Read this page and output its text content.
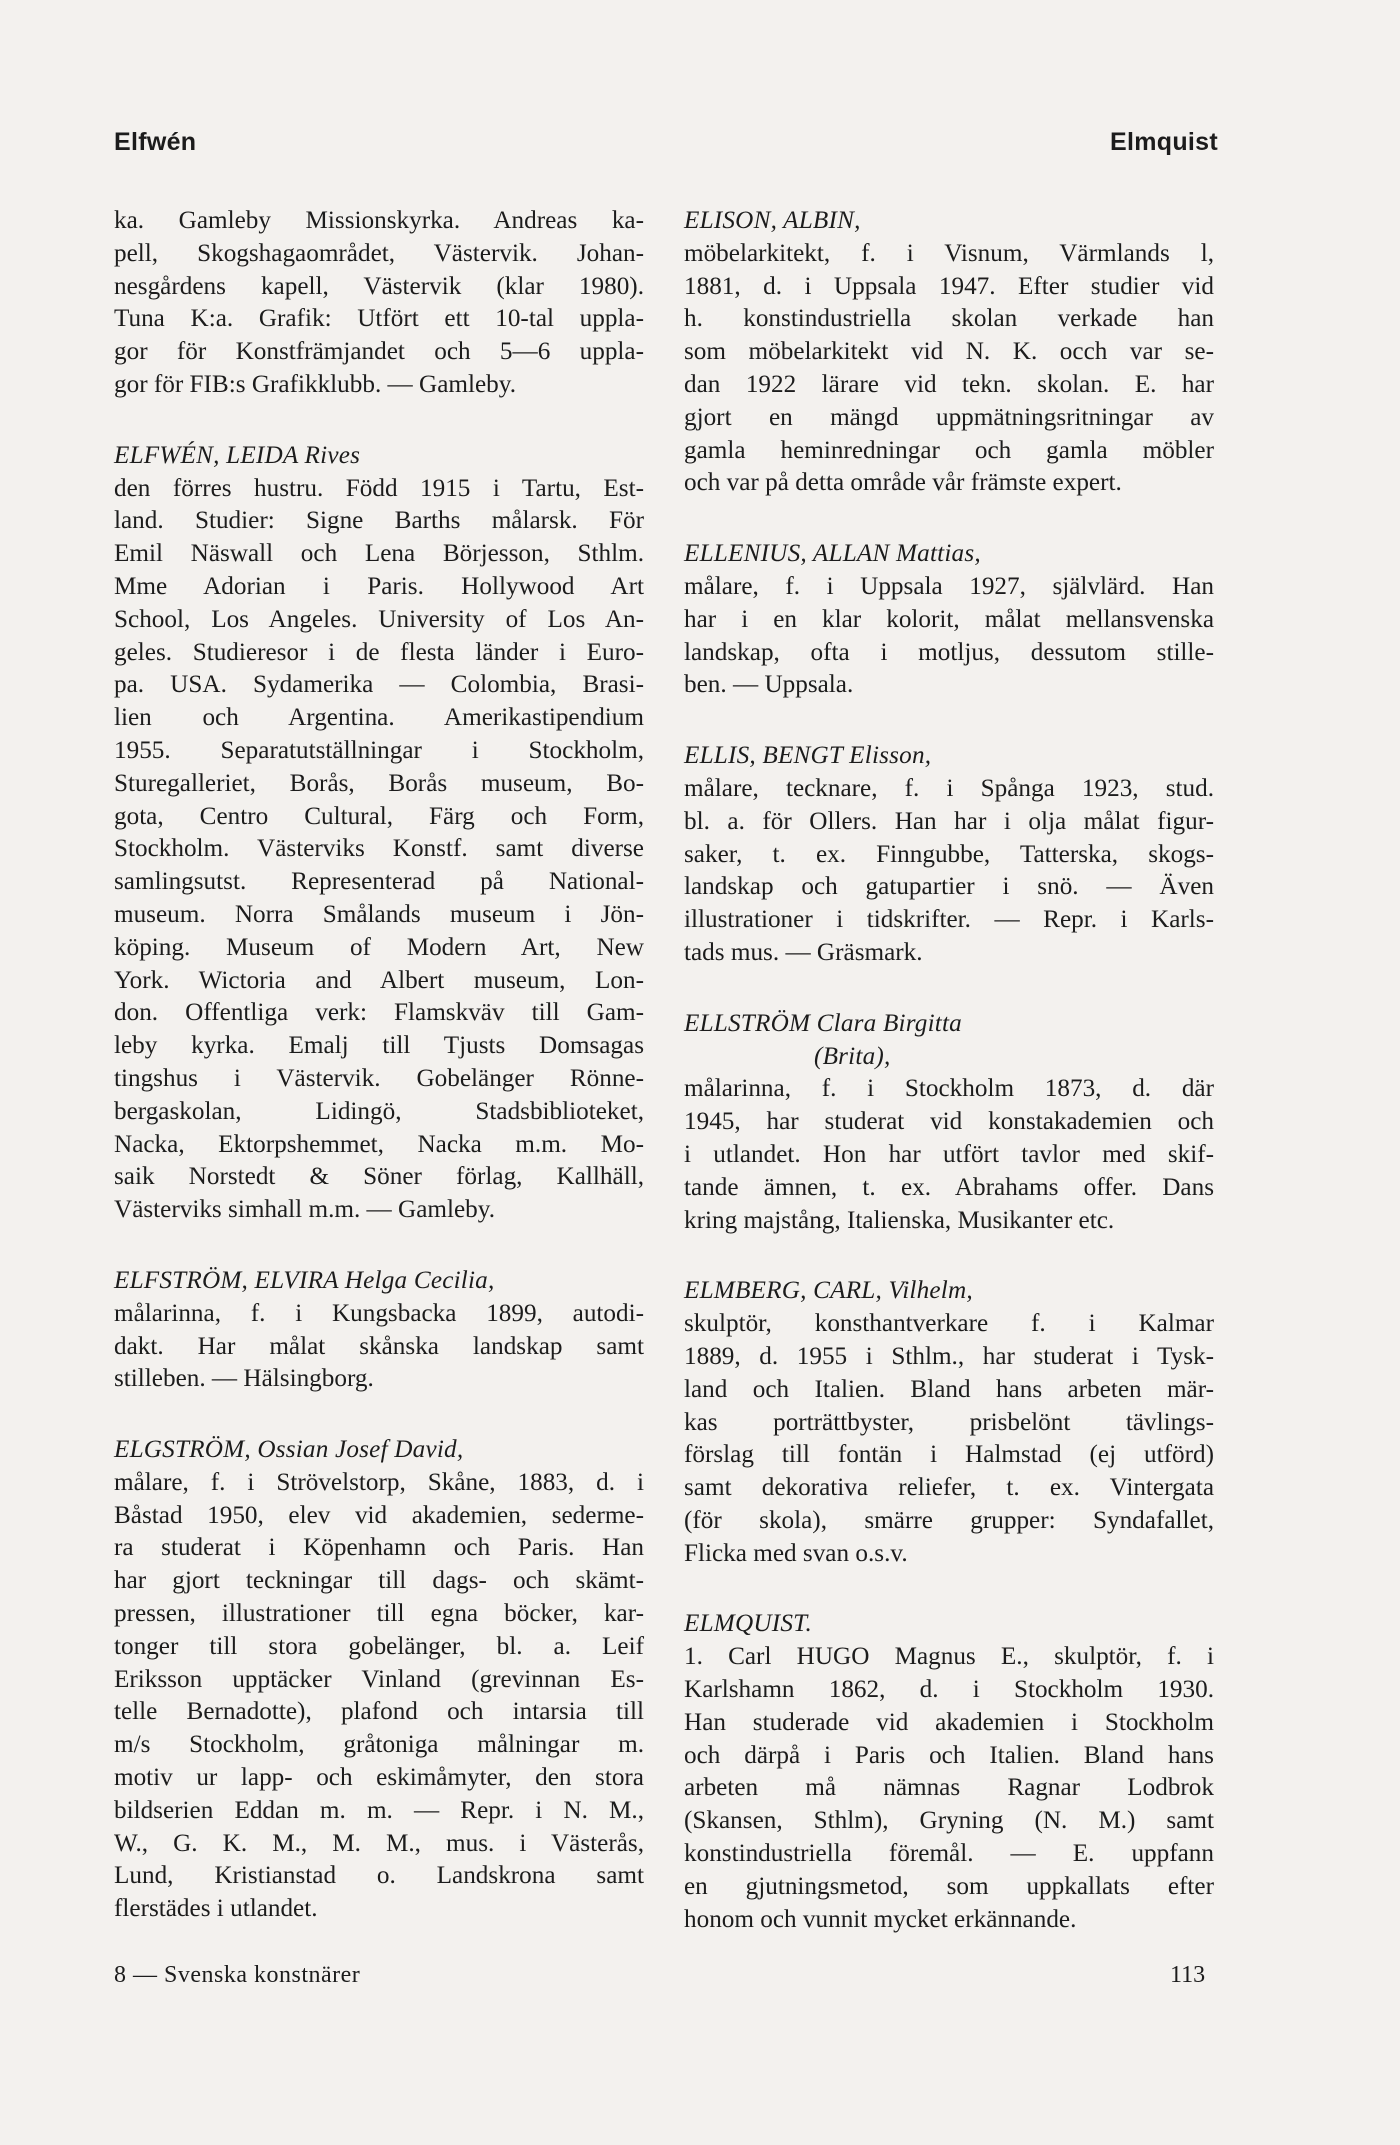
Elfwén	Elmquist
ka. Gamleby Missionskyrka. Andreas ka-
pell, Skogshagaområdet, Västervik. Johan-
nesgårdens kapell, Västervik (klar 1980).
Tuna K:a. Grafik: Utfört ett 10-tal uppla-
gor för Konstfrämjandet och 5—6 uppla-
gor för FIB:s Grafikklubb. — Gamleby.
ELFWÉN, LEIDA Rives
den förres hustru. Född 1915 i Tartu, Est-
land. Studier: Signe Barths målarsk. För
Emil Näswall och Lena Börjesson, Sthlm.
Mme Adorian i Paris. Hollywood Art
School, Los Angeles. University of Los An-
geles. Studieresor i de flesta länder i Euro-
pa. USA. Sydamerika — Colombia, Brasi-
lien och Argentina. Amerikastipendium
1955. Separatutställningar i Stockholm,
Sturegalleriet, Borås, Borås museum, Bo-
gota, Centro Cultural, Färg och Form,
Stockholm. Västerviks Konstf. samt diverse
samlingsutst. Representerad på National-
museum. Norra Smålands museum i Jön-
köping. Museum of Modern Art, New
York. Wictoria and Albert museum, Lon-
don. Offentliga verk: Flamskväv till Gam-
leby kyrka. Emalj till Tjusts Domsagas
tingshus i Västervik. Gobelänger Rönne-
bergaskolan, Lidingö, Stadsbiblioteket,
Nacka, Ektorpshemmet, Nacka m.m. Mo-
saik Norstedt & Söner förlag, Kallhäll,
Västerviks simhall m.m. — Gamleby.
ELFSTRÖM, ELVIRA Helga Cecilia,
målarinna, f. i Kungsbacka 1899, autodi-
dakt. Har målat skånska landskap samt
stilleben. — Hälsingborg.
ELGSTRÖM, Ossian Josef David,
målare, f. i Strövelstorp, Skåne, 1883, d. i
Båstad 1950, elev vid akademien, sederme-
ra studerat i Köpenhamn och Paris. Han
har gjort teckningar till dags- och skämt-
pressen, illustrationer till egna böcker, kar-
tonger till stora gobelänger, bl. a. Leif
Eriksson upptäcker Vinland (grevinnan Es-
telle Bernadotte), plafond och intarsia till
m/s Stockholm, gråtoniga målningar m.
motiv ur lapp- och eskimåmyter, den stora
bildserien Eddan m. m. — Repr. i N. M.,
W., G. K. M., M. M., mus. i Västerås,
Lund, Kristianstad o. Landskrona samt
flerstädes i utlandet.
ELISON, ALBIN,
möbelarkitekt, f. i Visnum, Värmlands l,
1881, d. i Uppsala 1947. Efter studier vid
h. konstindustriella skolan verkade han
som möbelarkitekt vid N. K. occh var se-
dan 1922 lärare vid tekn. skolan. E. har
gjort en mängd uppmätningsritningar av
gamla heminredningar och gamla möbler
och var på detta område vår främste expert.
ELLENIUS, ALLAN Mattias,
målare, f. i Uppsala 1927, självlärd. Han
har i en klar kolorit, målat mellansvenska
landskap, ofta i motljus, dessutom stille-
ben. — Uppsala.
ELLIS, BENGT Elisson,
målare, tecknare, f. i Spånga 1923, stud.
bl. a. för Ollers. Han har i olja målat figur-
saker, t. ex. Finngubbe, Tatterska, skogs-
landskap och gatupartier i snö. — Även
illustrationer i tidskrifter. — Repr. i Karls-
tads mus. — Gräsmark.
ELLSTRÖM Clara Birgitta
(Brita),
målarinna, f. i Stockholm 1873, d. där
1945, har studerat vid konstakademien och
i utlandet. Hon har utfört tavlor med skif-
tande ämnen, t. ex. Abrahams offer. Dans
kring majstång, Italienska, Musikanter etc.
ELMBERG, CARL, Vilhelm,
skulptör, konsthantverkare f. i Kalmar
1889, d. 1955 i Sthlm., har studerat i Tysk-
land och Italien. Bland hans arbeten mär-
kas porträttbyster, prisbelönt tävlings-
förslag till fontän i Halmstad (ej utförd)
samt dekorativa reliefer, t. ex. Vintergata
(för skola), smärre grupper: Syndafallet,
Flicka med svan o.s.v.
ELMQUIST.
1. Carl HUGO Magnus E., skulptör, f. i
Karlshamn 1862, d. i Stockholm 1930.
Han studerade vid akademien i Stockholm
och därpå i Paris och Italien. Bland hans
arbeten må nämnas Ragnar Lodbrok
(Skansen, Sthlm), Gryning (N. M.) samt
konstindustriella föremål. — E. uppfann
en gjutningsmetod, som uppkallats efter
honom och vunnit mycket erkännande.
8 — Svenska konstnärer	113
